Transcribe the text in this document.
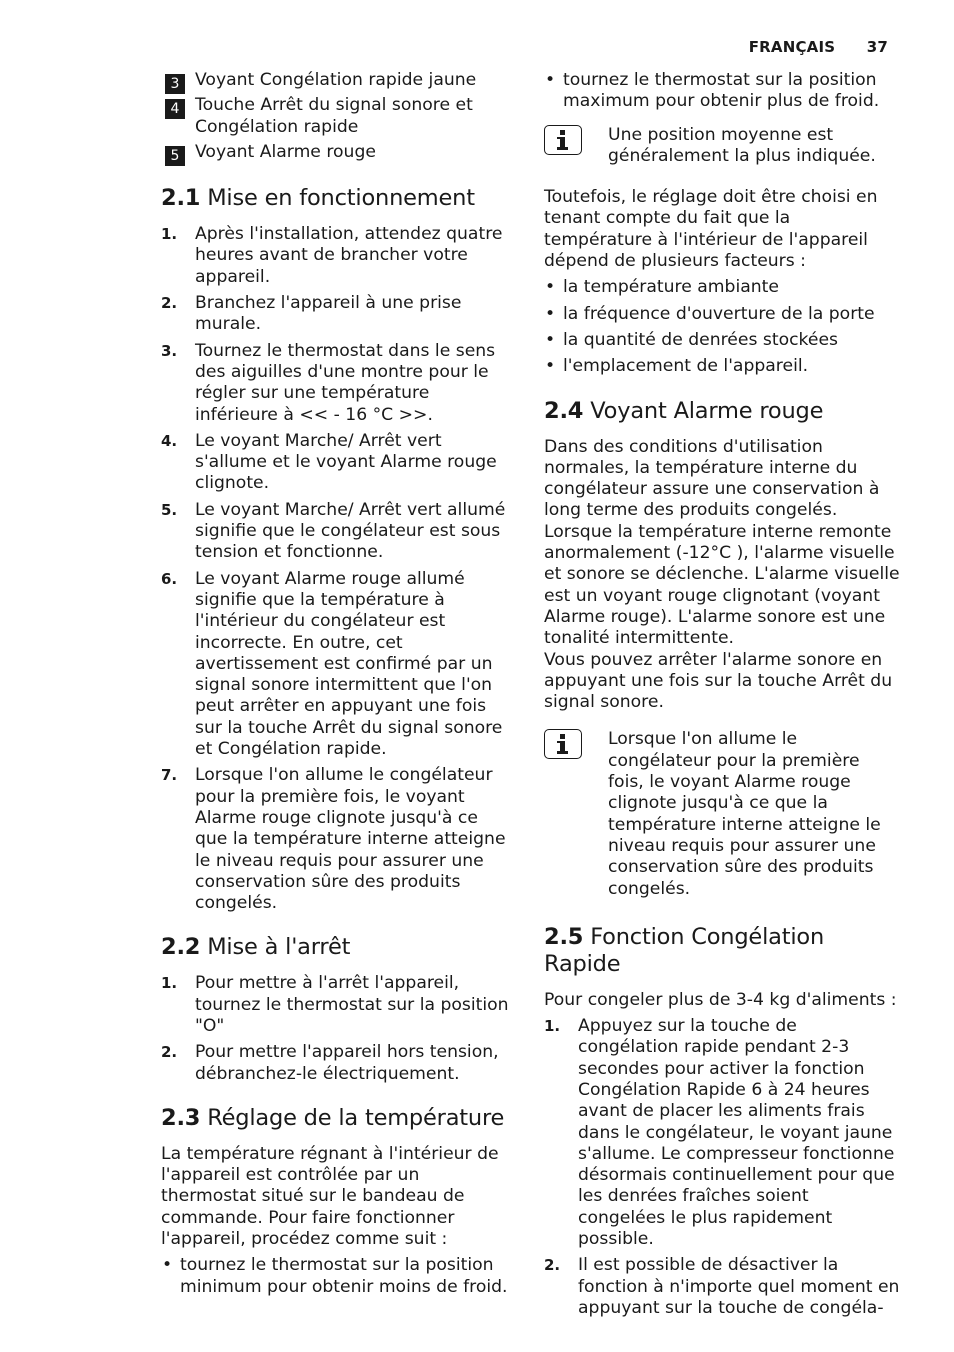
FRANÇAIS 37
3 Voyant Congélation rapide jaune
4 Touche Arrêt du signal sonore et Congélation rapide
5 Voyant Alarme rouge
2.1 Mise en fonctionnement
1. Après l'installation, attendez quatre heures avant de brancher votre appareil.
2. Branchez l'appareil à une prise murale.
3. Tournez le thermostat dans le sens des aiguilles d'une montre pour le régler sur une température inférieure à << - 16 °C >>.
4. Le voyant Marche/ Arrêt vert s'allume et le voyant Alarme rouge clignote.
5. Le voyant Marche/ Arrêt vert allumé signifie que le congélateur est sous tension et fonctionne.
6. Le voyant Alarme rouge allumé signifie que la température à l'intérieur du congélateur est incorrecte. En outre, cet avertissement est confirmé par un signal sonore intermittent que l'on peut arrêter en appuyant une fois sur la touche Arrêt du signal sonore et Congélation rapide.
7. Lorsque l'on allume le congélateur pour la première fois, le voyant Alarme rouge clignote jusqu'à ce que la température interne atteigne le niveau requis pour assurer une conservation sûre des produits congelés.
2.2 Mise à l'arrêt
1. Pour mettre à l'arrêt l'appareil, tournez le thermostat sur la position "O"
2. Pour mettre l'appareil hors tension, débranchez-le électriquement.
2.3 Réglage de la température

La température régnant à l'intérieur de l'appareil est contrôlée par un thermostat situé sur le bandeau de commande. Pour faire fonctionner l'appareil, procédez comme suit :

• tournez le thermostat sur la position minimum pour obtenir moins de froid.
• tournez le thermostat sur la position maximum pour obtenir plus de froid.

Une position moyenne est généralement la plus indiquée.

Toutefois, le réglage doit être choisi en tenant compte du fait que la température à l'intérieur de l'appareil dépend de plusieurs facteurs :

• la température ambiante
• la fréquence d'ouverture de la porte
• la quantité de denrées stockées
• l'emplacement de l'appareil.
2.4 Voyant Alarme rouge

Dans des conditions d'utilisation normales, la température interne du congélateur assure une conservation à long terme des produits congelés.

Lorsque la température interne remonte anormalement (-12°C ), l'alarme visuelle et sonore se déclenche. L'alarme visuelle est un voyant rouge clignotant (voyant Alarme rouge). L'alarme sonore est une tonalité intermittente.

Vous pouvez arrêter l'alarme sonore en appuyant une fois sur la touche Arrêt du signal sonore.

Lorsque l'on allume le congélateur pour la première fois, le voyant Alarme rouge clignote jusqu'à ce que la température interne atteigne le niveau requis pour assurer une conservation sûre des produits congelés.

2.5 Fonction Congélation Rapide

Pour congeler plus de 3-4 kg d'aliments :

1. Appuyez sur la touche de congélation rapide pendant 2-3 secondes pour activer la fonction Congélation Rapide 6 à 24 heures avant de placer les aliments frais dans le congélateur, le voyant jaune s'allume. Le compresseur fonctionne désormais continuellement pour que les denrées fraîches soient congelées le plus rapidement possible.
2. Il est possible de désactiver la fonction à n'importe quel moment en appuyant sur la touche de congéla-
